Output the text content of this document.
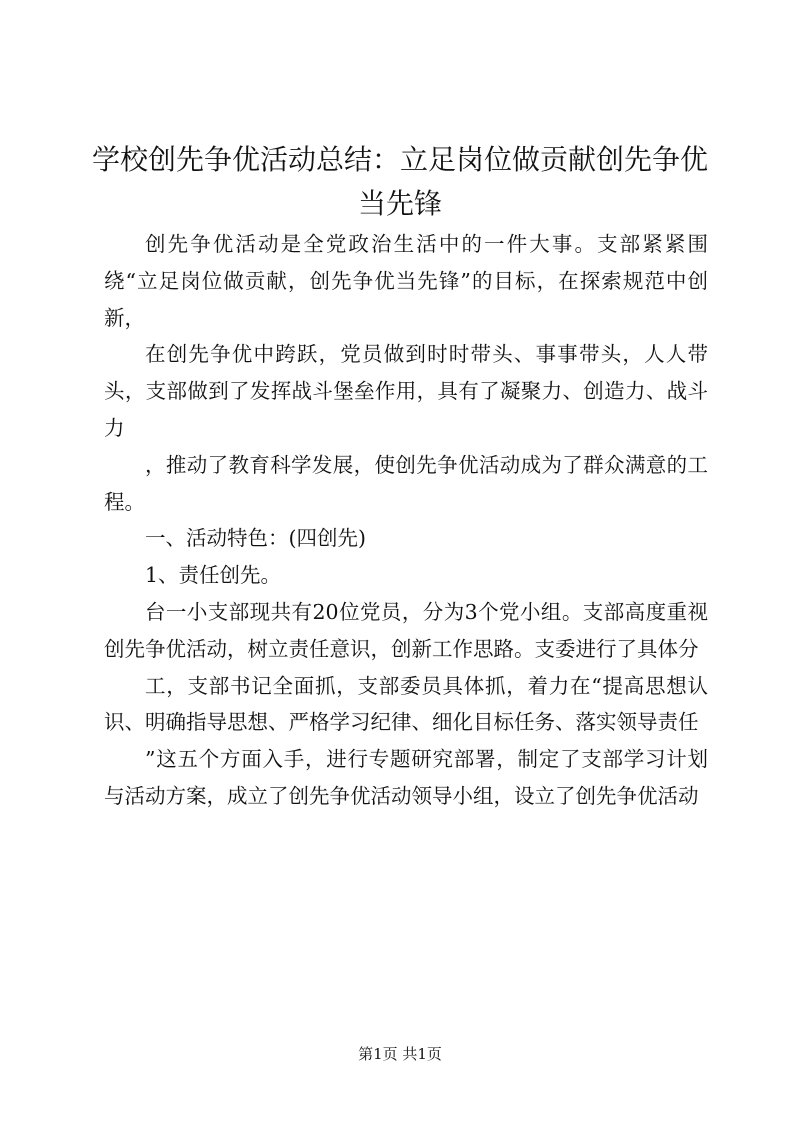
学校创先争优活动总结：立足岗位做贡献创先争优当先锋

创先争优活动是全党政治生活中的一件大事。支部紧紧围绕“立足岗位做贡献，创先争优当先锋”的目标，在探索规范中创新，

在创先争优中跨跃，党员做到时时带头、事事带头，人人带头，支部做到了发挥战斗堡垒作用，具有了凝聚力、创造力、战斗力

，推动了教育科学发展，使创先争优活动成为了群众满意的工程。

一、活动特色：(四创先)

1、责任创先。

台一小支部现共有20位党员，分为3个党小组。支部高度重视创先争优活动，树立责任意识，创新工作思路。支委进行了具体分

工，支部书记全面抓，支部委员具体抓，着力在“提高思想认识、明确指导思想、严格学习纪律、细化目标任务、落实领导责任

”这五个方面入手，进行专题研究部署，制定了支部学习计划与活动方案，成立了创先争优活动领导小组，设立了创先争优活动

第1页 共1页
